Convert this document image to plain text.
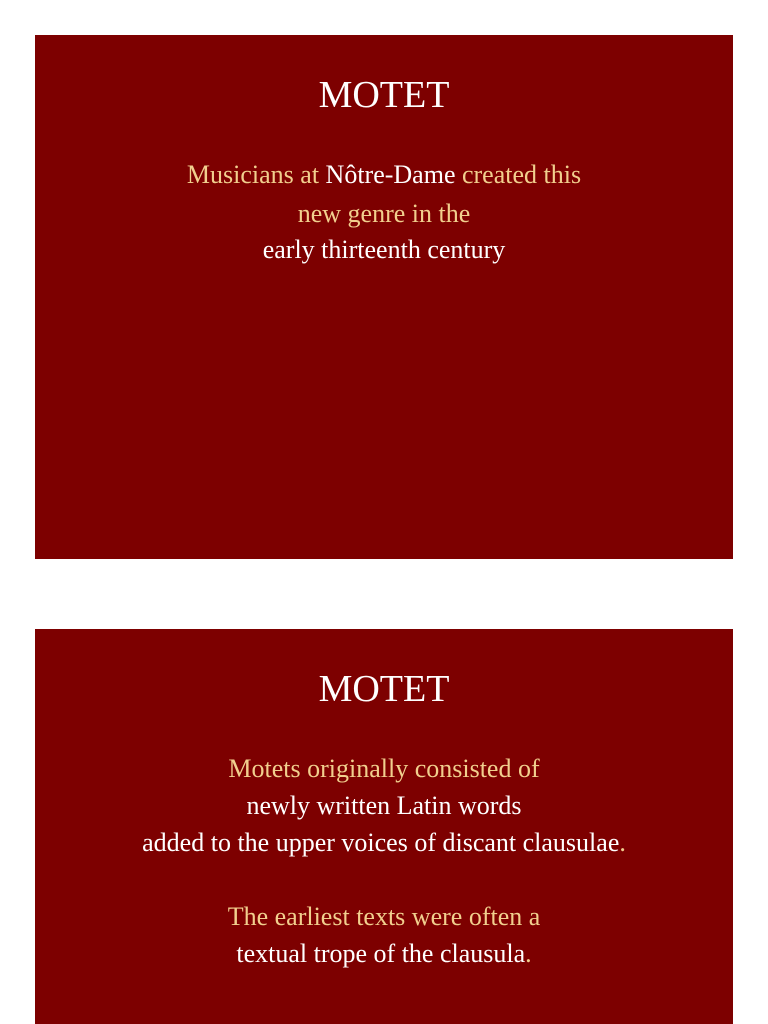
MOTET
Musicians at Nôtre-Dame created this
new genre in the
early thirteenth century
MOTET
Motets originally consisted of
newly written Latin words
added to the upper voices of discant clausulae.
The earliest texts were often a
textual trope of the clausula.
